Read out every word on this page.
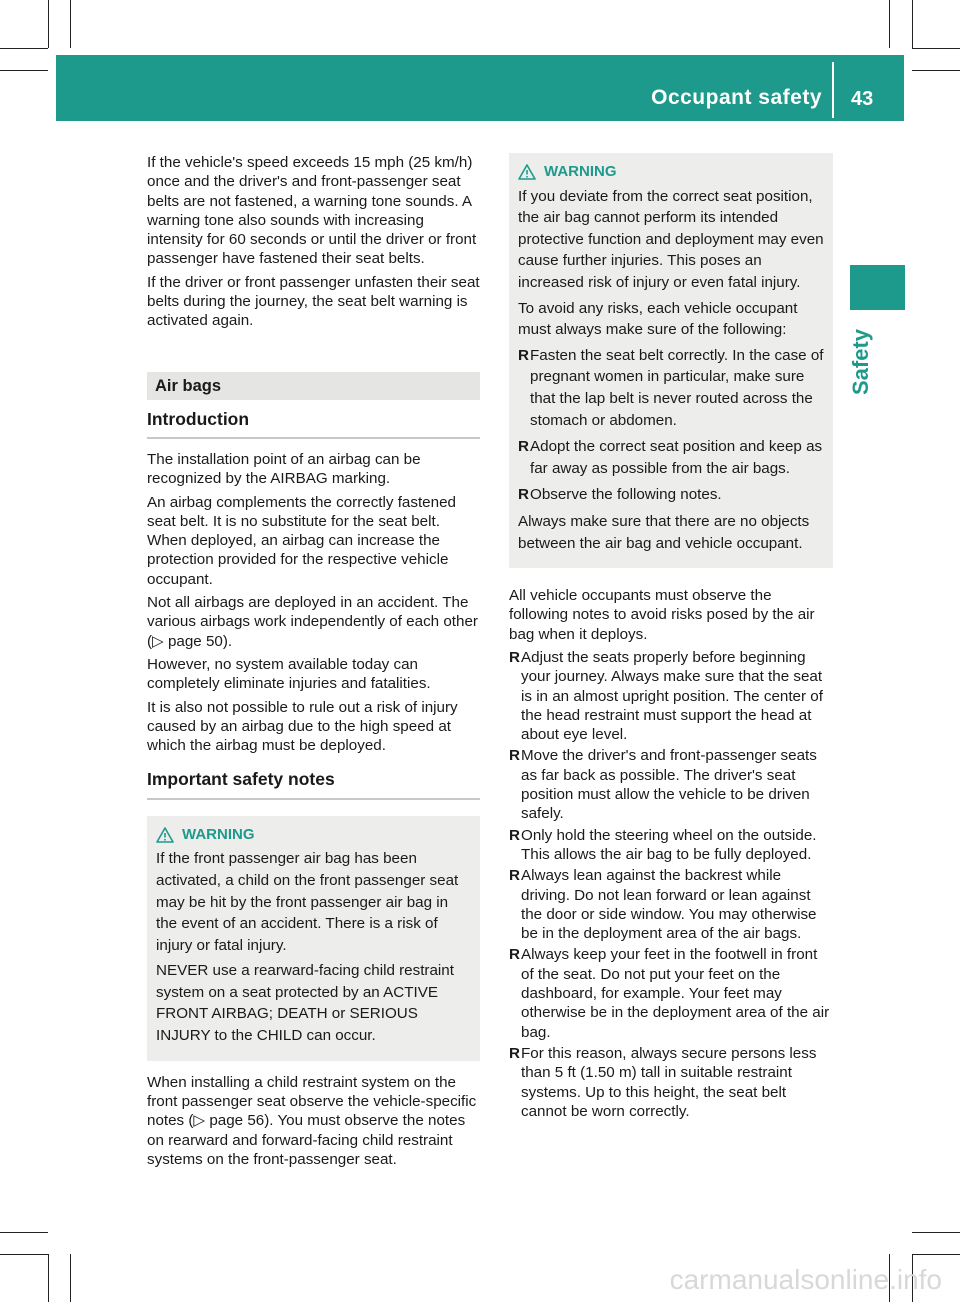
Occupant safety 43
Safety

If the vehicle's speed exceeds 15 mph (25 km/h) once and the driver's and front-passenger seat belts are not fastened, a warning tone sounds. A warning tone also sounds with increasing intensity for 60 seconds or until the driver or front passenger have fastened their seat belts.

If the driver or front passenger unfasten their seat belts during the journey, the seat belt warning is activated again.

Air bags
Introduction

The installation point of an airbag can be recognized by the AIRBAG marking.

An airbag complements the correctly fastened seat belt. It is no substitute for the seat belt. When deployed, an airbag can increase the protection provided for the respective vehicle occupant.

Not all airbags are deployed in an accident. The various airbags work independently of each other (▷ page 50).

However, no system available today can completely eliminate injuries and fatalities.

It is also not possible to rule out a risk of injury caused by an airbag due to the high speed at which the airbag must be deployed.

Important safety notes
WARNING

If the front passenger air bag has been activated, a child on the front passenger seat may be hit by the front passenger air bag in the event of an accident. There is a risk of injury or fatal injury.

NEVER use a rearward-facing child restraint system on a seat protected by an ACTIVE FRONT AIRBAG; DEATH or SERIOUS INJURY to the CHILD can occur.

When installing a child restraint system on the front passenger seat observe the vehicle-specific notes (▷ page 56). You must observe the notes on rearward and forward-facing child restraint systems on the front-passenger seat.

WARNING

If you deviate from the correct seat position, the air bag cannot perform its intended protective function and deployment may even cause further injuries. This poses an increased risk of injury or even fatal injury.

To avoid any risks, each vehicle occupant must always make sure of the following:

R Fasten the seat belt correctly. In the case of pregnant women in particular, make sure that the lap belt is never routed across the stomach or abdomen.
R Adopt the correct seat position and keep as far away as possible from the air bags.
R Observe the following notes.

Always make sure that there are no objects between the air bag and vehicle occupant.

All vehicle occupants must observe the following notes to avoid risks posed by the air bag when it deploys.

R Adjust the seats properly before beginning your journey. Always make sure that the seat is in an almost upright position. The center of the head restraint must support the head at about eye level.
R Move the driver's and front-passenger seats as far back as possible. The driver's seat position must allow the vehicle to be driven safely.
R Only hold the steering wheel on the outside. This allows the air bag to be fully deployed.
R Always lean against the backrest while driving. Do not lean forward or lean against the door or side window. You may otherwise be in the deployment area of the air bags.
R Always keep your feet in the footwell in front of the seat. Do not put your feet on the dashboard, for example. Your feet may otherwise be in the deployment area of the air bag.
R For this reason, always secure persons less than 5 ft (1.50 m) tall in suitable restraint systems. Up to this height, the seat belt cannot be worn correctly.
carmanualsonline.info
